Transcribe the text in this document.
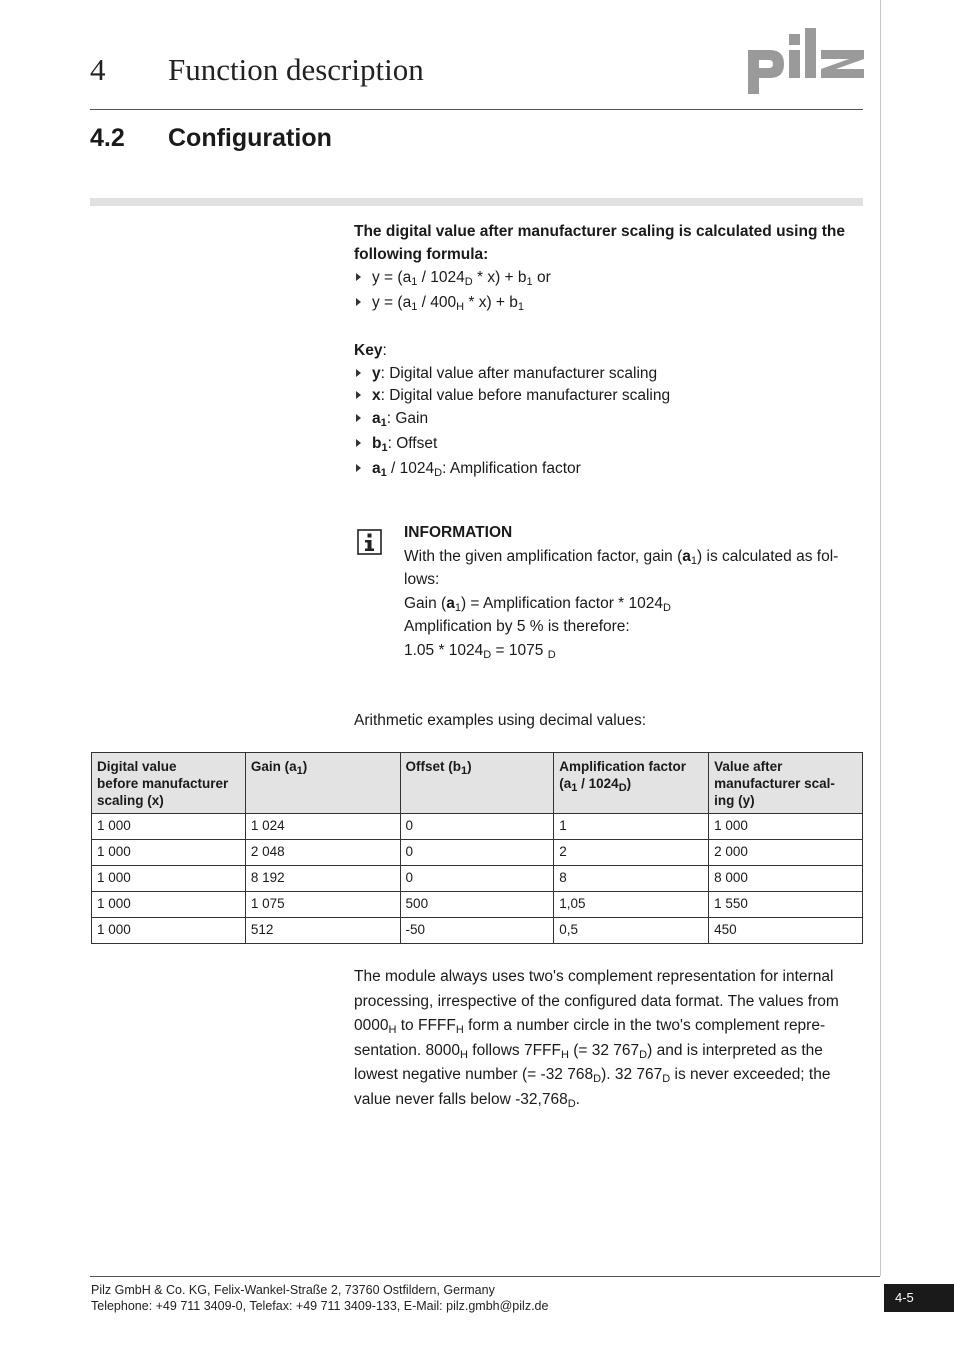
4 Function description
4.2 Configuration
The digital value after manufacturer scaling is calculated using the following formula:
$y = (a_1 / 1024_D * x) + b_1$ or
$y = (a_1 / 400_H * x) + b_1$
Key:
y: Digital value after manufacturer scaling
x: Digital value before manufacturer scaling
$a_1$: Gain
$b_1$: Offset
$a_1 / 1024_D$: Amplification factor
INFORMATION
With the given amplification factor, gain $(a_1)$ is calculated as fol-
lows:
Gain $(a_1)$ = Amplification factor * $1024_D$
Amplification by 5 % is therefore:
$1.05 * 1024_D = 1075$ $_D$
Arithmetic examples using decimal values:
Digital value
before manufacturer
scaling (x)	Gain $(a_1)$	Offset $(b_1)$	Amplification factor
$(a_1 / 1024_D)$	Value after
manufacturer scal-
ing (y)
1 000	1 024	0	1	1 000
1 000	2 048	0	2	2 000
1 000	8 192	0	8	8 000
1 000	1 075	500	1,05	1 550
1 000	512	-50	0,5	450
The module always uses two's complement representation for internal
processing, irrespective of the configured data format. The values from
$0000_H$ to $FFFF_H$ form a number circle in the two's complement repre-
sentation. $8000_H$ follows $7FFF_H$ (= 32 $767_D$) and is interpreted as the
lowest negative number (= -32 $768_D$). 32 $767_D$ is never exceeded; the
value never falls below $-32,768_D$.
Pilz GmbH & Co. KG, Felix-Wankel-Straße 2, 73760 Ostfildern, Germany
Telephone: +49 711 3409-0, Telefax: +49 711 3409-133, E-Mail: pilz.gmbh@pilz.de
4-5
